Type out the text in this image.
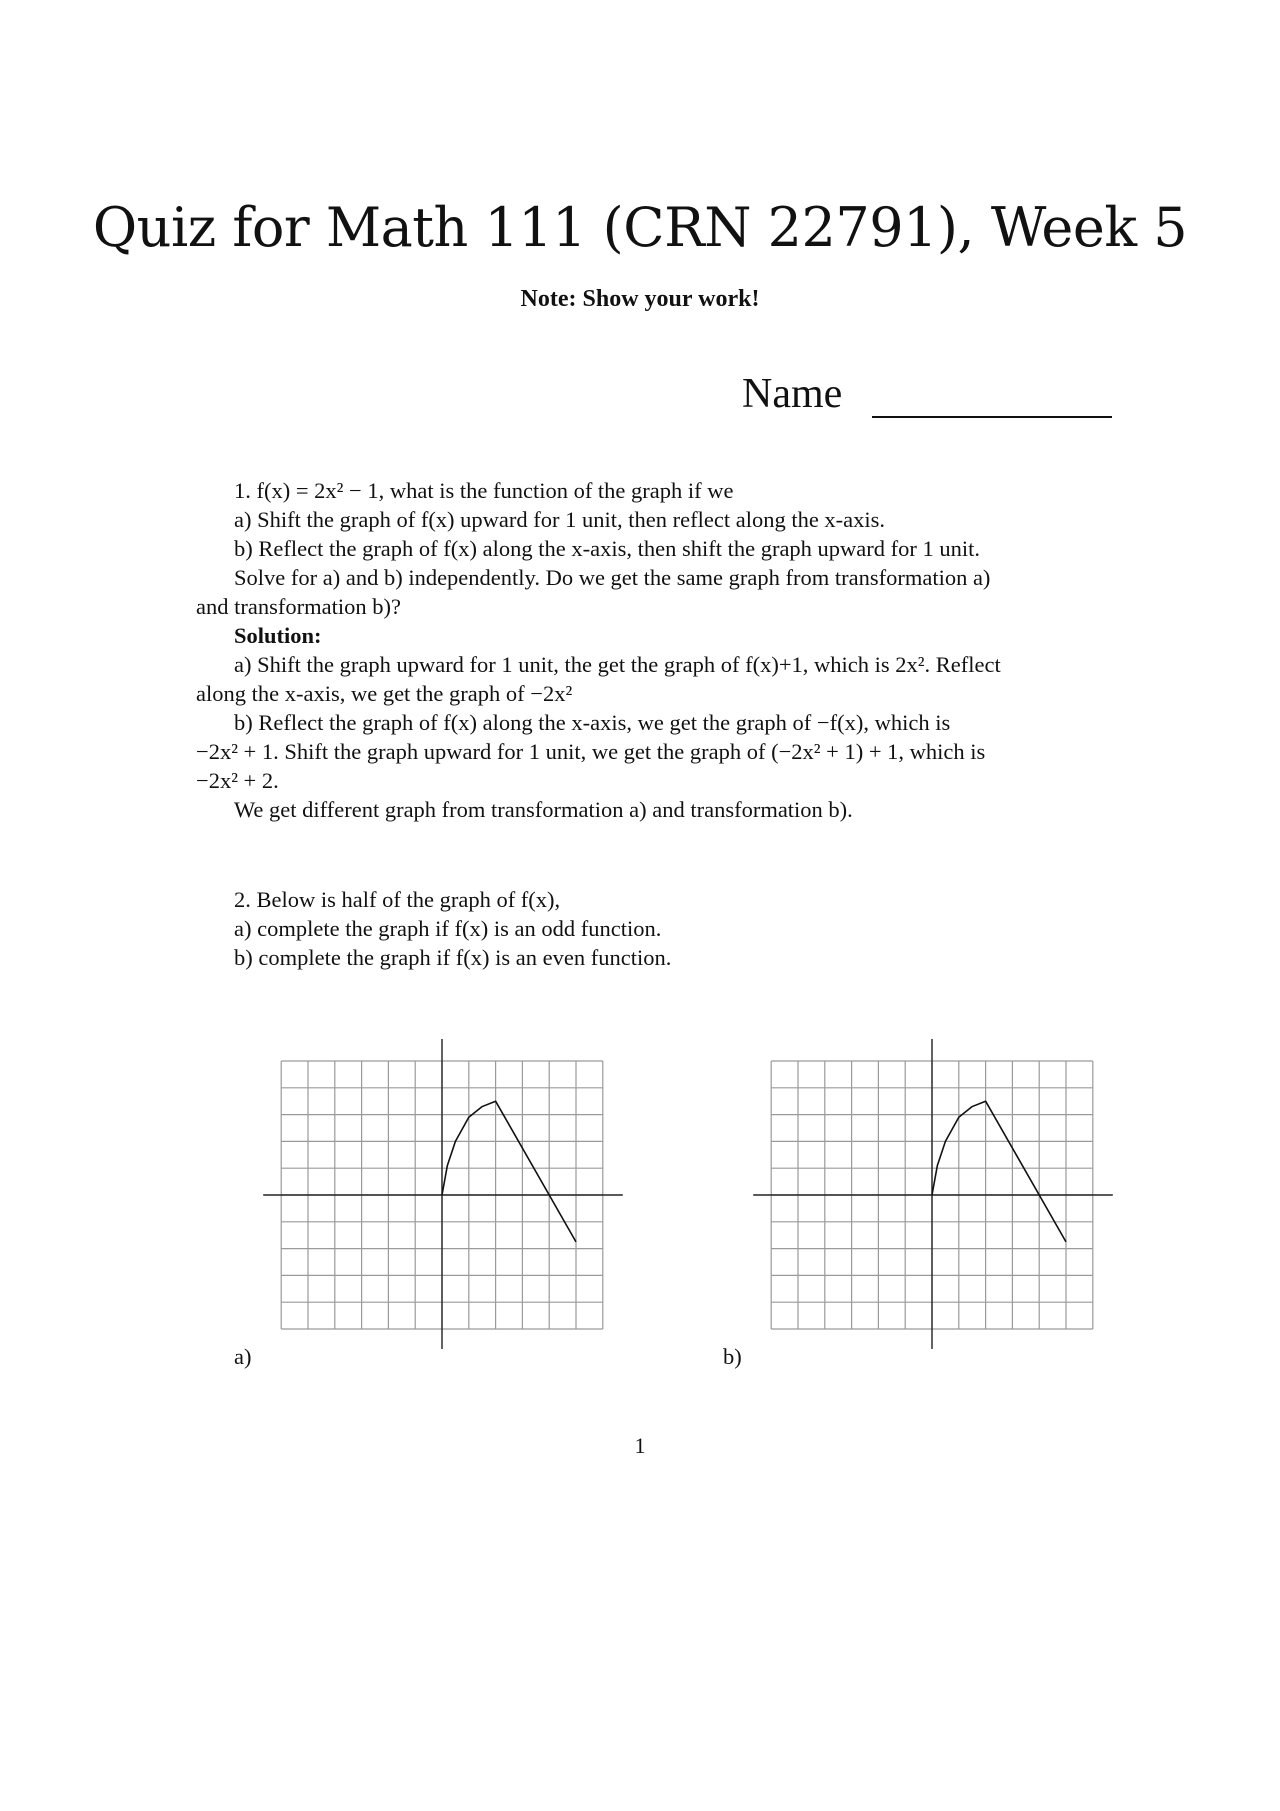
Quiz for Math 111 (CRN 22791), Week 5
Note: Show your work!
Name
1. f(x) = 2x² − 1, what is the function of the graph if we
a) Shift the graph of f(x) upward for 1 unit, then reflect along the x-axis.
b) Reflect the graph of f(x) along the x-axis, then shift the graph upward for 1 unit.
Solve for a) and b) independently. Do we get the same graph from transformation a)
and transformation b)?
Solution:
a) Shift the graph upward for 1 unit, the get the graph of f(x)+1, which is 2x². Reflect
along the x-axis, we get the graph of −2x²
b) Reflect the graph of f(x) along the x-axis, we get the graph of −f(x), which is
−2x² + 1. Shift the graph upward for 1 unit, we get the graph of (−2x² + 1) + 1, which is
−2x² + 2.
We get different graph from transformation a) and transformation b).
2. Below is half of the graph of f(x),
a) complete the graph if f(x) is an odd function.
b) complete the graph if f(x) is an even function.
a)	b)
1
